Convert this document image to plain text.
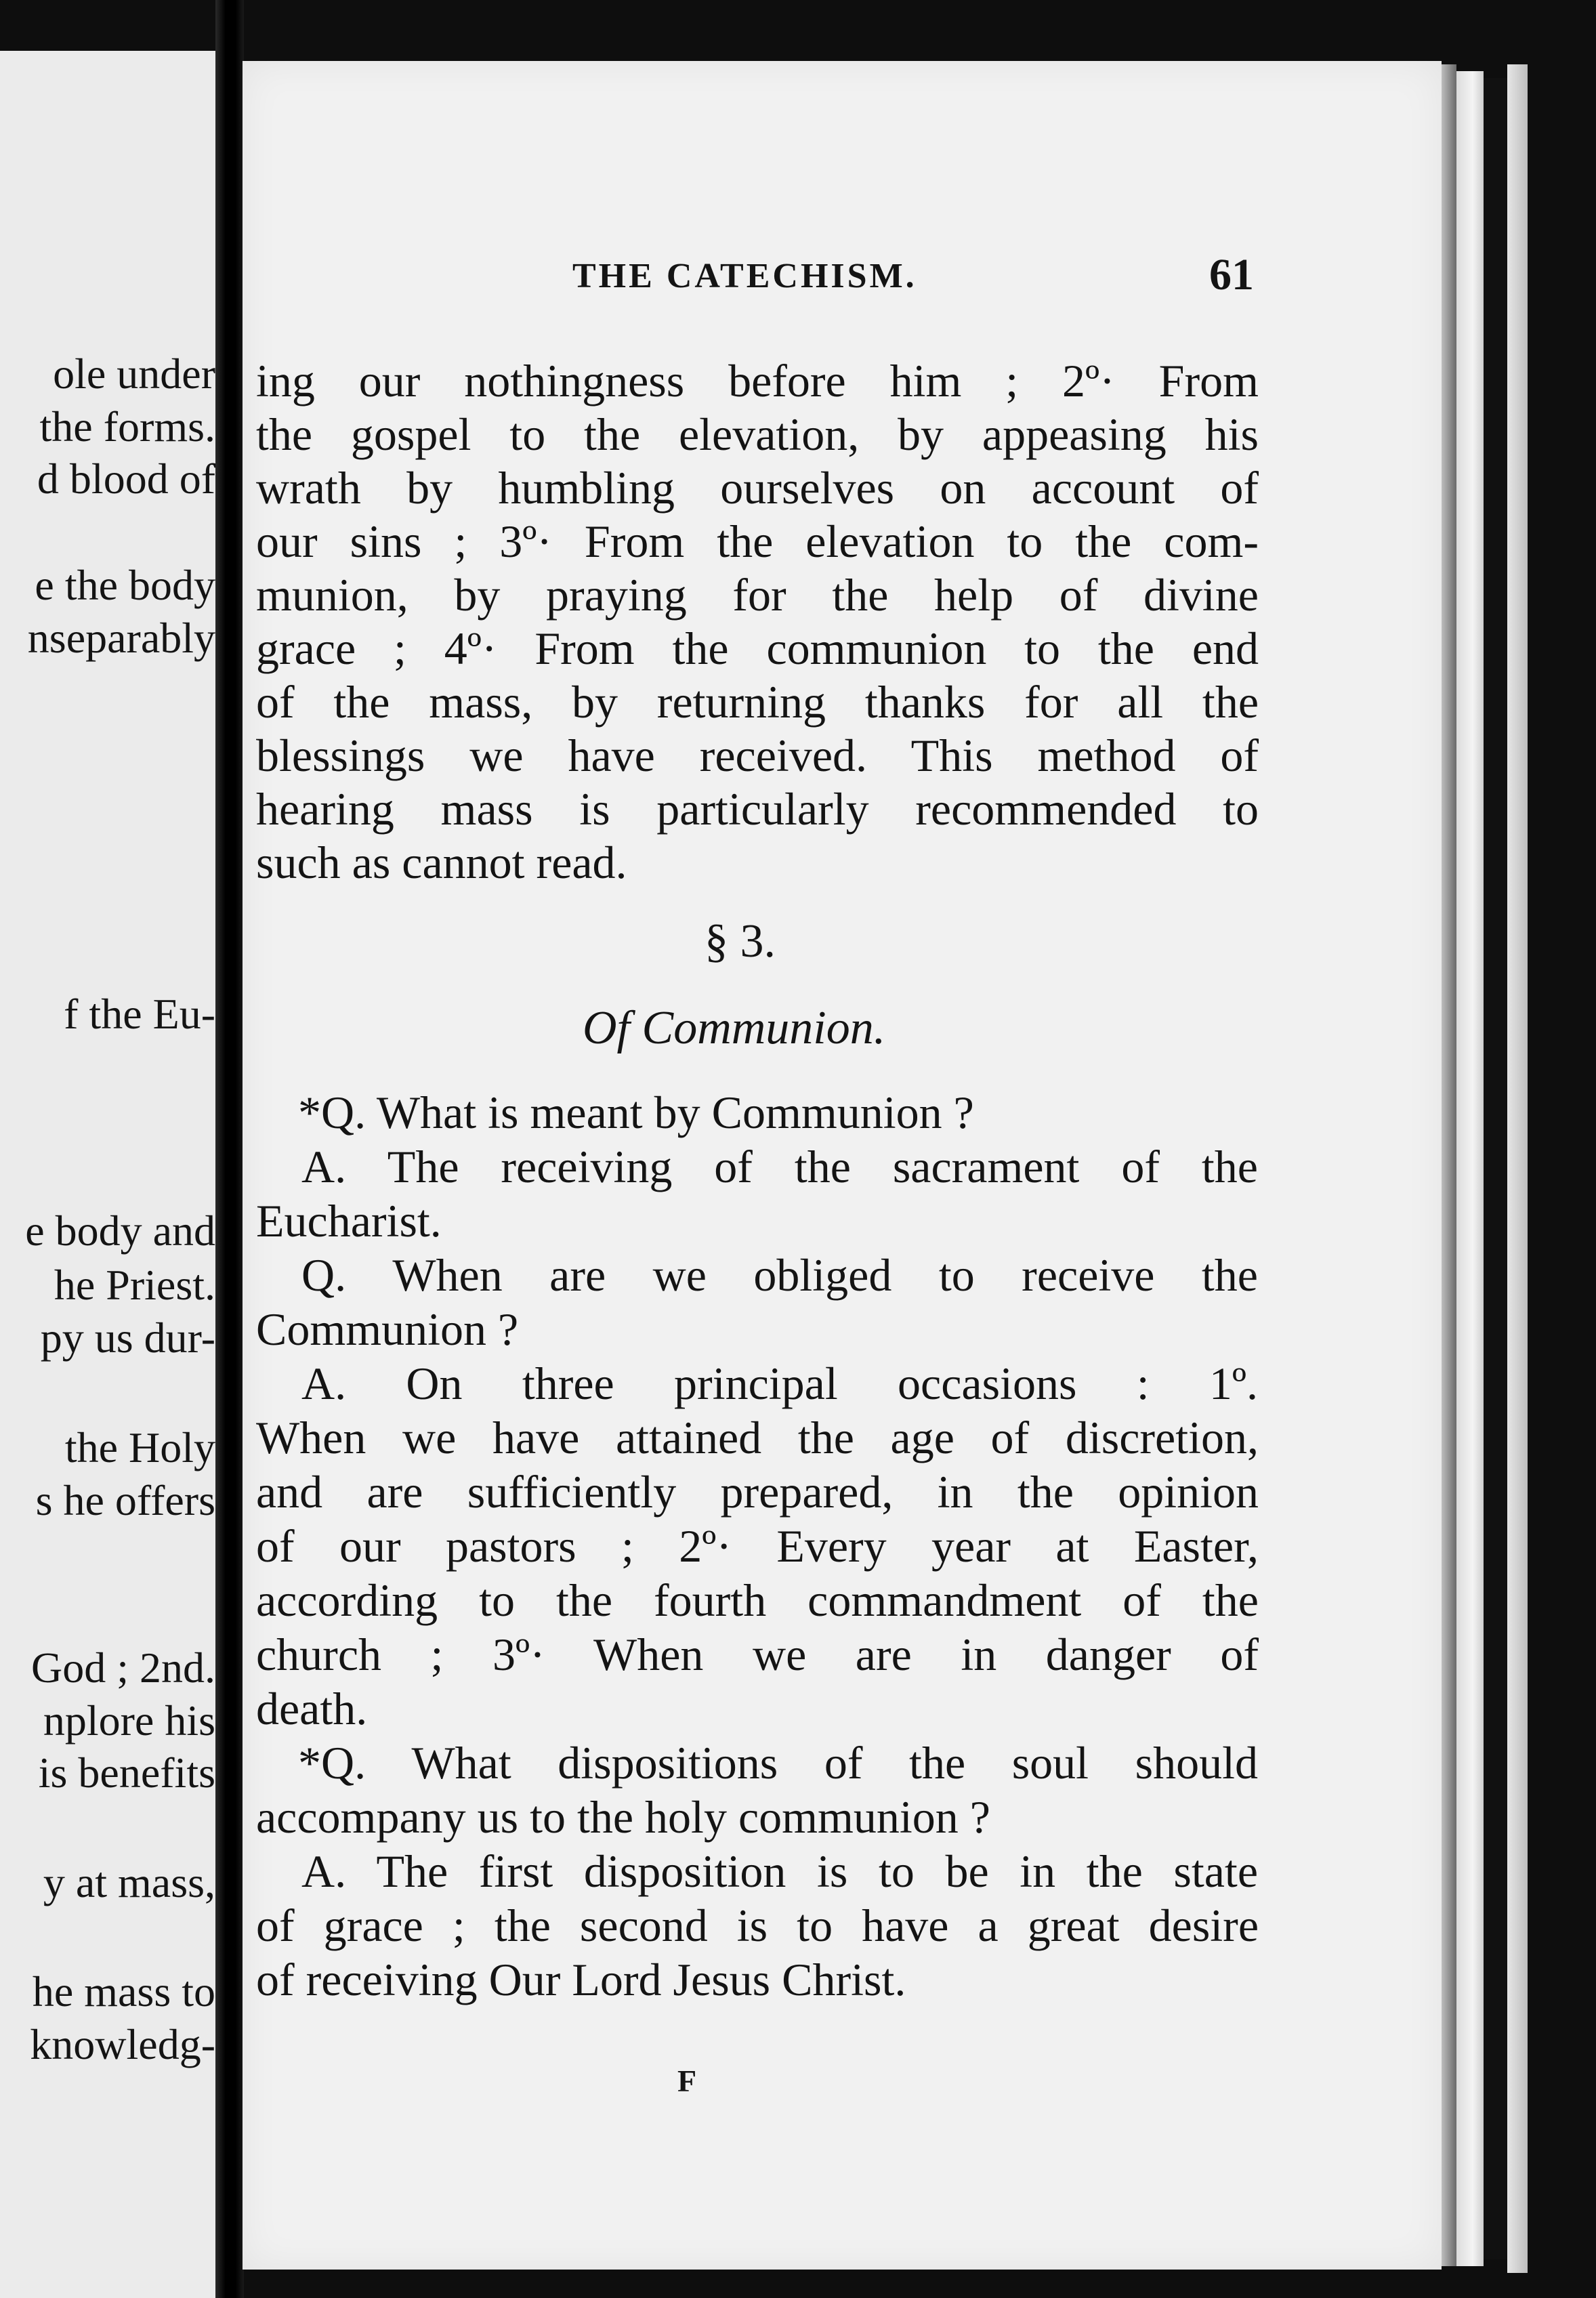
ole under
the forms.
d blood of
e the body
nseparably
f the Eu-
e body and
he Priest.
py us dur-
the Holy
s he offers
God ; 2nd.
nplore his
is benefits
y at mass,
he mass to
knowledg-
THE CATECHISM.	61
ing our nothingness before him ; 2º· From
the gospel to the elevation, by appeasing his
wrath by humbling ourselves on account of
our sins ; 3º· From the elevation to the com-
munion, by praying for the help of divine
grace ; 4º· From the communion to the end
of the mass, by returning thanks for all the
blessings we have received. This method of
hearing mass is particularly recommended to
such as cannot read.
§ 3.
Of Communion.
*Q. What is meant by Communion ?
A. The receiving of the sacrament of the
Eucharist.
Q. When are we obliged to receive the
Communion ?
A. On three principal occasions : 1º.
When we have attained the age of discretion,
and are sufficiently prepared, in the opinion
of our pastors ; 2º· Every year at Easter,
according to the fourth commandment of the
church ; 3º· When we are in danger of
death.
*Q. What dispositions of the soul should
accompany us to the holy communion ?
A. The first disposition is to be in the state
of grace ; the second is to have a great desire
of receiving Our Lord Jesus Christ.
F
